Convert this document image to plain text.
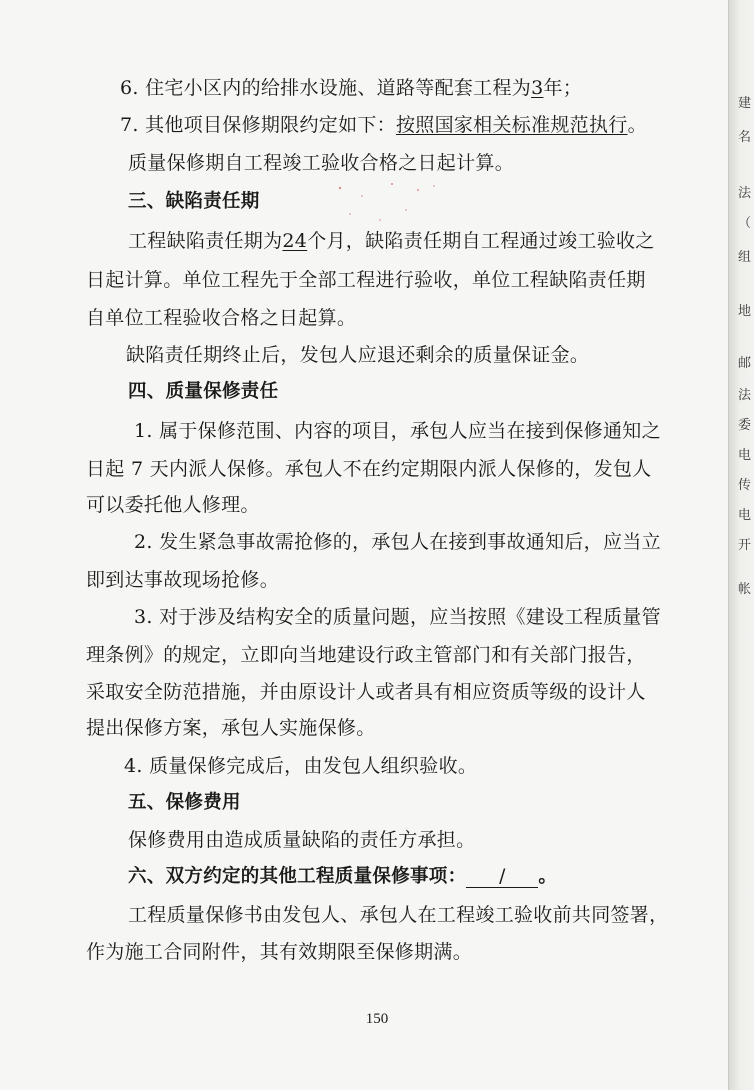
建
名
法
（
组
地
邮
法
委
电
传
电
开
帐
6. 住宅小区内的给排水设施、道路等配套工程为3年；
7. 其他项目保修期限约定如下：按照国家相关标准规范执行。
质量保修期自工程竣工验收合格之日起计算。
三、缺陷责任期
工程缺陷责任期为24个月，缺陷责任期自工程通过竣工验收之
日起计算。单位工程先于全部工程进行验收，单位工程缺陷责任期
自单位工程验收合格之日起算。
缺陷责任期终止后，发包人应退还剩余的质量保证金。
四、质量保修责任
1. 属于保修范围、内容的项目，承包人应当在接到保修通知之
日起 7 天内派人保修。承包人不在约定期限内派人保修的，发包人
可以委托他人修理。
2. 发生紧急事故需抢修的，承包人在接到事故通知后，应当立
即到达事故现场抢修。
3. 对于涉及结构安全的质量问题，应当按照《建设工程质量管
理条例》的规定，立即向当地建设行政主管部门和有关部门报告，
采取安全防范措施，并由原设计人或者具有相应资质等级的设计人
提出保修方案，承包人实施保修。
4. 质量保修完成后，由发包人组织验收。
五、保修费用
保修费用由造成质量缺陷的责任方承担。
六、双方约定的其他工程质量保修事项： / 。
工程质量保修书由发包人、承包人在工程竣工验收前共同签署，
作为施工合同附件，其有效期限至保修期满。
150
